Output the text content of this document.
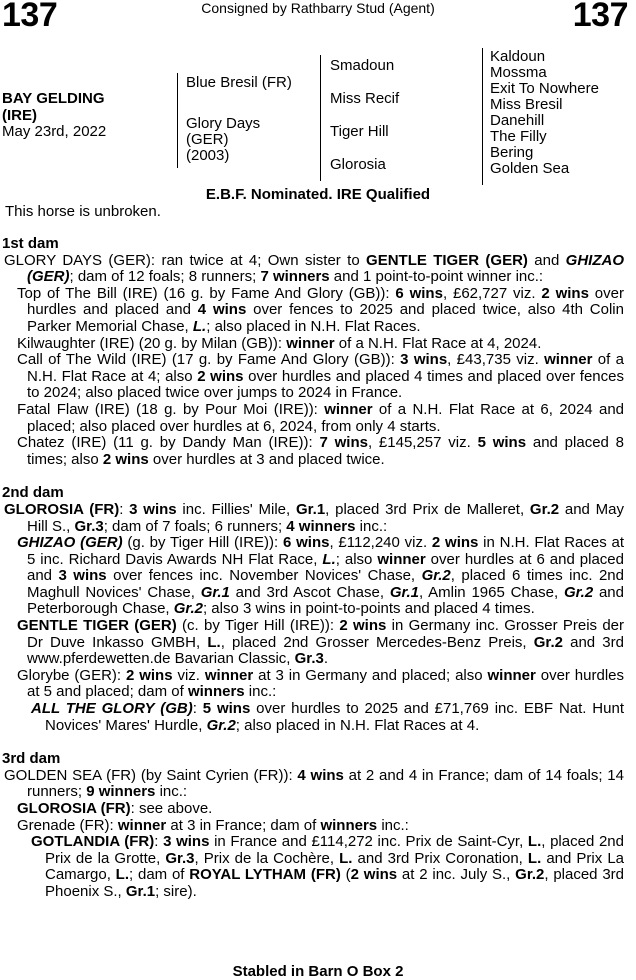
137	Consigned by Rathbarry Stud (Agent)	137
BAY GELDING
(IRE)
May 23rd, 2022
Blue Bresil (FR)
Glory Days
(GER)
(2003)
Smadoun
Miss Recif
Tiger Hill
Glorosia
Kaldoun
Mossma
Exit To Nowhere
Miss Bresil
Danehill
The Filly
Bering
Golden Sea
E.B.F. Nominated. IRE Qualified
This horse is unbroken.
1st dam
GLORY DAYS (GER): ran twice at 4; Own sister to GENTLE TIGER (GER) and GHIZAO (GER); dam of 12 foals; 8 runners; 7 winners and 1 point-to-point winner inc.:
Top of The Bill (IRE) (16 g. by Fame And Glory (GB)): 6 wins, £62,727 viz. 2 wins over hurdles and placed and 4 wins over fences to 2025 and placed twice, also 4th Colin Parker Memorial Chase, L.; also placed in N.H. Flat Races.
Kilwaughter (IRE) (20 g. by Milan (GB)): winner of a N.H. Flat Race at 4, 2024.
Call of The Wild (IRE) (17 g. by Fame And Glory (GB)): 3 wins, £43,735 viz. winner of a N.H. Flat Race at 4; also 2 wins over hurdles and placed 4 times and placed over fences to 2024; also placed twice over jumps to 2024 in France.
Fatal Flaw (IRE) (18 g. by Pour Moi (IRE)): winner of a N.H. Flat Race at 6, 2024 and placed; also placed over hurdles at 6, 2024, from only 4 starts.
Chatez (IRE) (11 g. by Dandy Man (IRE)): 7 wins, £145,257 viz. 5 wins and placed 8 times; also 2 wins over hurdles at 3 and placed twice.
2nd dam
GLOROSIA (FR): 3 wins inc. Fillies' Mile, Gr.1, placed 3rd Prix de Malleret, Gr.2 and May Hill S., Gr.3; dam of 7 foals; 6 runners; 4 winners inc.:
GHIZAO (GER) (g. by Tiger Hill (IRE)): 6 wins, £112,240 viz. 2 wins in N.H. Flat Races at 5 inc. Richard Davis Awards NH Flat Race, L.; also winner over hurdles at 6 and placed and 3 wins over fences inc. November Novices' Chase, Gr.2, placed 6 times inc. 2nd Maghull Novices' Chase, Gr.1 and 3rd Ascot Chase, Gr.1, Amlin 1965 Chase, Gr.2 and Peterborough Chase, Gr.2; also 3 wins in point-to-points and placed 4 times.
GENTLE TIGER (GER) (c. by Tiger Hill (IRE)): 2 wins in Germany inc. Grosser Preis der Dr Duve Inkasso GMBH, L., placed 2nd Grosser Mercedes-Benz Preis, Gr.2 and 3rd www.pferdewetten.de Bavarian Classic, Gr.3.
Glorybe (GER): 2 wins viz. winner at 3 in Germany and placed; also winner over hurdles at 5 and placed; dam of winners inc.:
ALL THE GLORY (GB): 5 wins over hurdles to 2025 and £71,769 inc. EBF Nat. Hunt Novices' Mares' Hurdle, Gr.2; also placed in N.H. Flat Races at 4.
3rd dam
GOLDEN SEA (FR) (by Saint Cyrien (FR)): 4 wins at 2 and 4 in France; dam of 14 foals; 14 runners; 9 winners inc.:
GLOROSIA (FR): see above.
Grenade (FR): winner at 3 in France; dam of winners inc.:
GOTLANDIA (FR): 3 wins in France and £114,272 inc. Prix de Saint-Cyr, L., placed 2nd Prix de la Grotte, Gr.3, Prix de la Cochère, L. and 3rd Prix Coronation, L. and Prix La Camargo, L.; dam of ROYAL LYTHAM (FR) (2 wins at 2 inc. July S., Gr.2, placed 3rd Phoenix S., Gr.1; sire).
Stabled in Barn O Box 2
